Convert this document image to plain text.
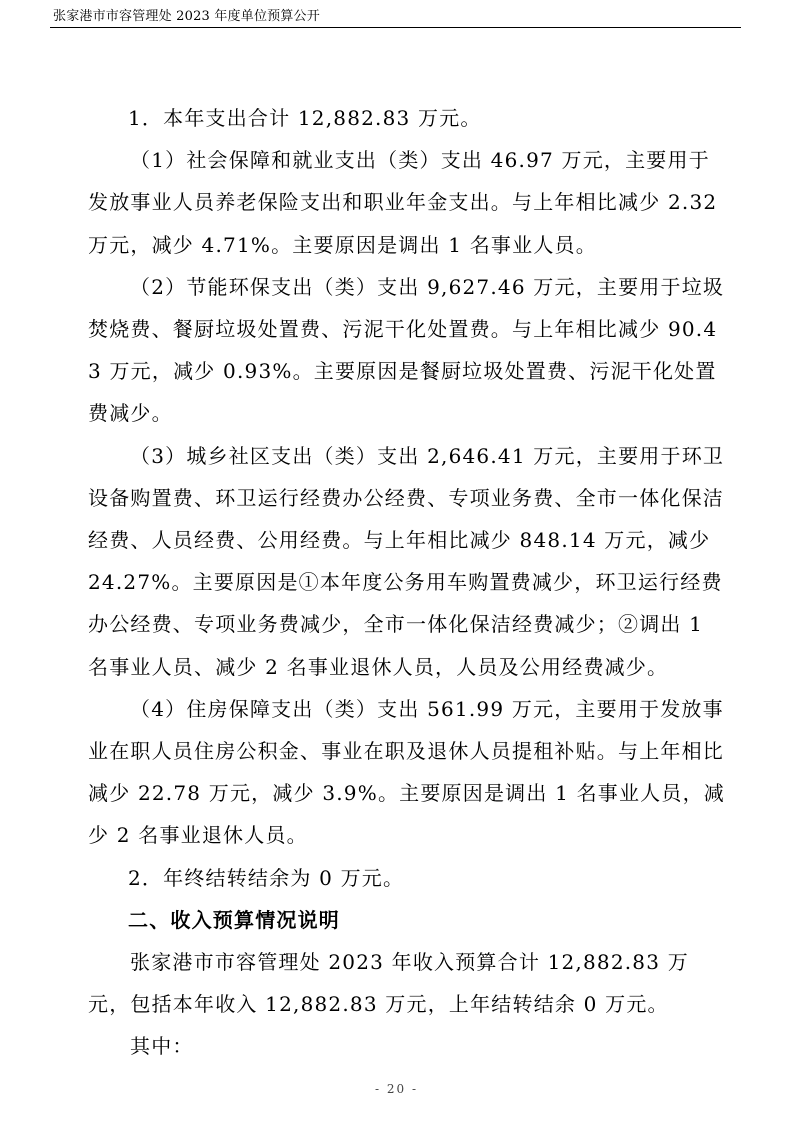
张家港市市容管理处 2023 年度单位预算公开

1．本年支出合计 12,882.83 万元。

（1）社会保障和就业支出（类）支出 46.97 万元，主要用于发放事业人员养老保险支出和职业年金支出。与上年相比减少 2.32 万元，减少 4.71%。主要原因是调出 1 名事业人员。

（2）节能环保支出（类）支出 9,627.46 万元，主要用于垃圾焚烧费、餐厨垃圾处置费、污泥干化处置费。与上年相比减少 90.43 万元，减少 0.93%。主要原因是餐厨垃圾处置费、污泥干化处置费减少。

（3）城乡社区支出（类）支出 2,646.41 万元，主要用于环卫设备购置费、环卫运行经费办公经费、专项业务费、全市一体化保洁经费、人员经费、公用经费。与上年相比减少 848.14 万元，减少 24.27%。主要原因是①本年度公务用车购置费减少，环卫运行经费办公经费、专项业务费减少，全市一体化保洁经费减少；②调出 1 名事业人员、减少 2 名事业退休人员，人员及公用经费减少。

（4）住房保障支出（类）支出 561.99 万元，主要用于发放事业在职人员住房公积金、事业在职及退休人员提租补贴。与上年相比减少 22.78 万元，减少 3.9%。主要原因是调出 1 名事业人员，减少 2 名事业退休人员。

2．年终结转结余为 0 万元。

二、收入预算情况说明

张家港市市容管理处 2023 年收入预算合计 12,882.83 万元，包括本年收入 12,882.83 万元，上年结转结余 0 万元。

其中：

- 20 -
